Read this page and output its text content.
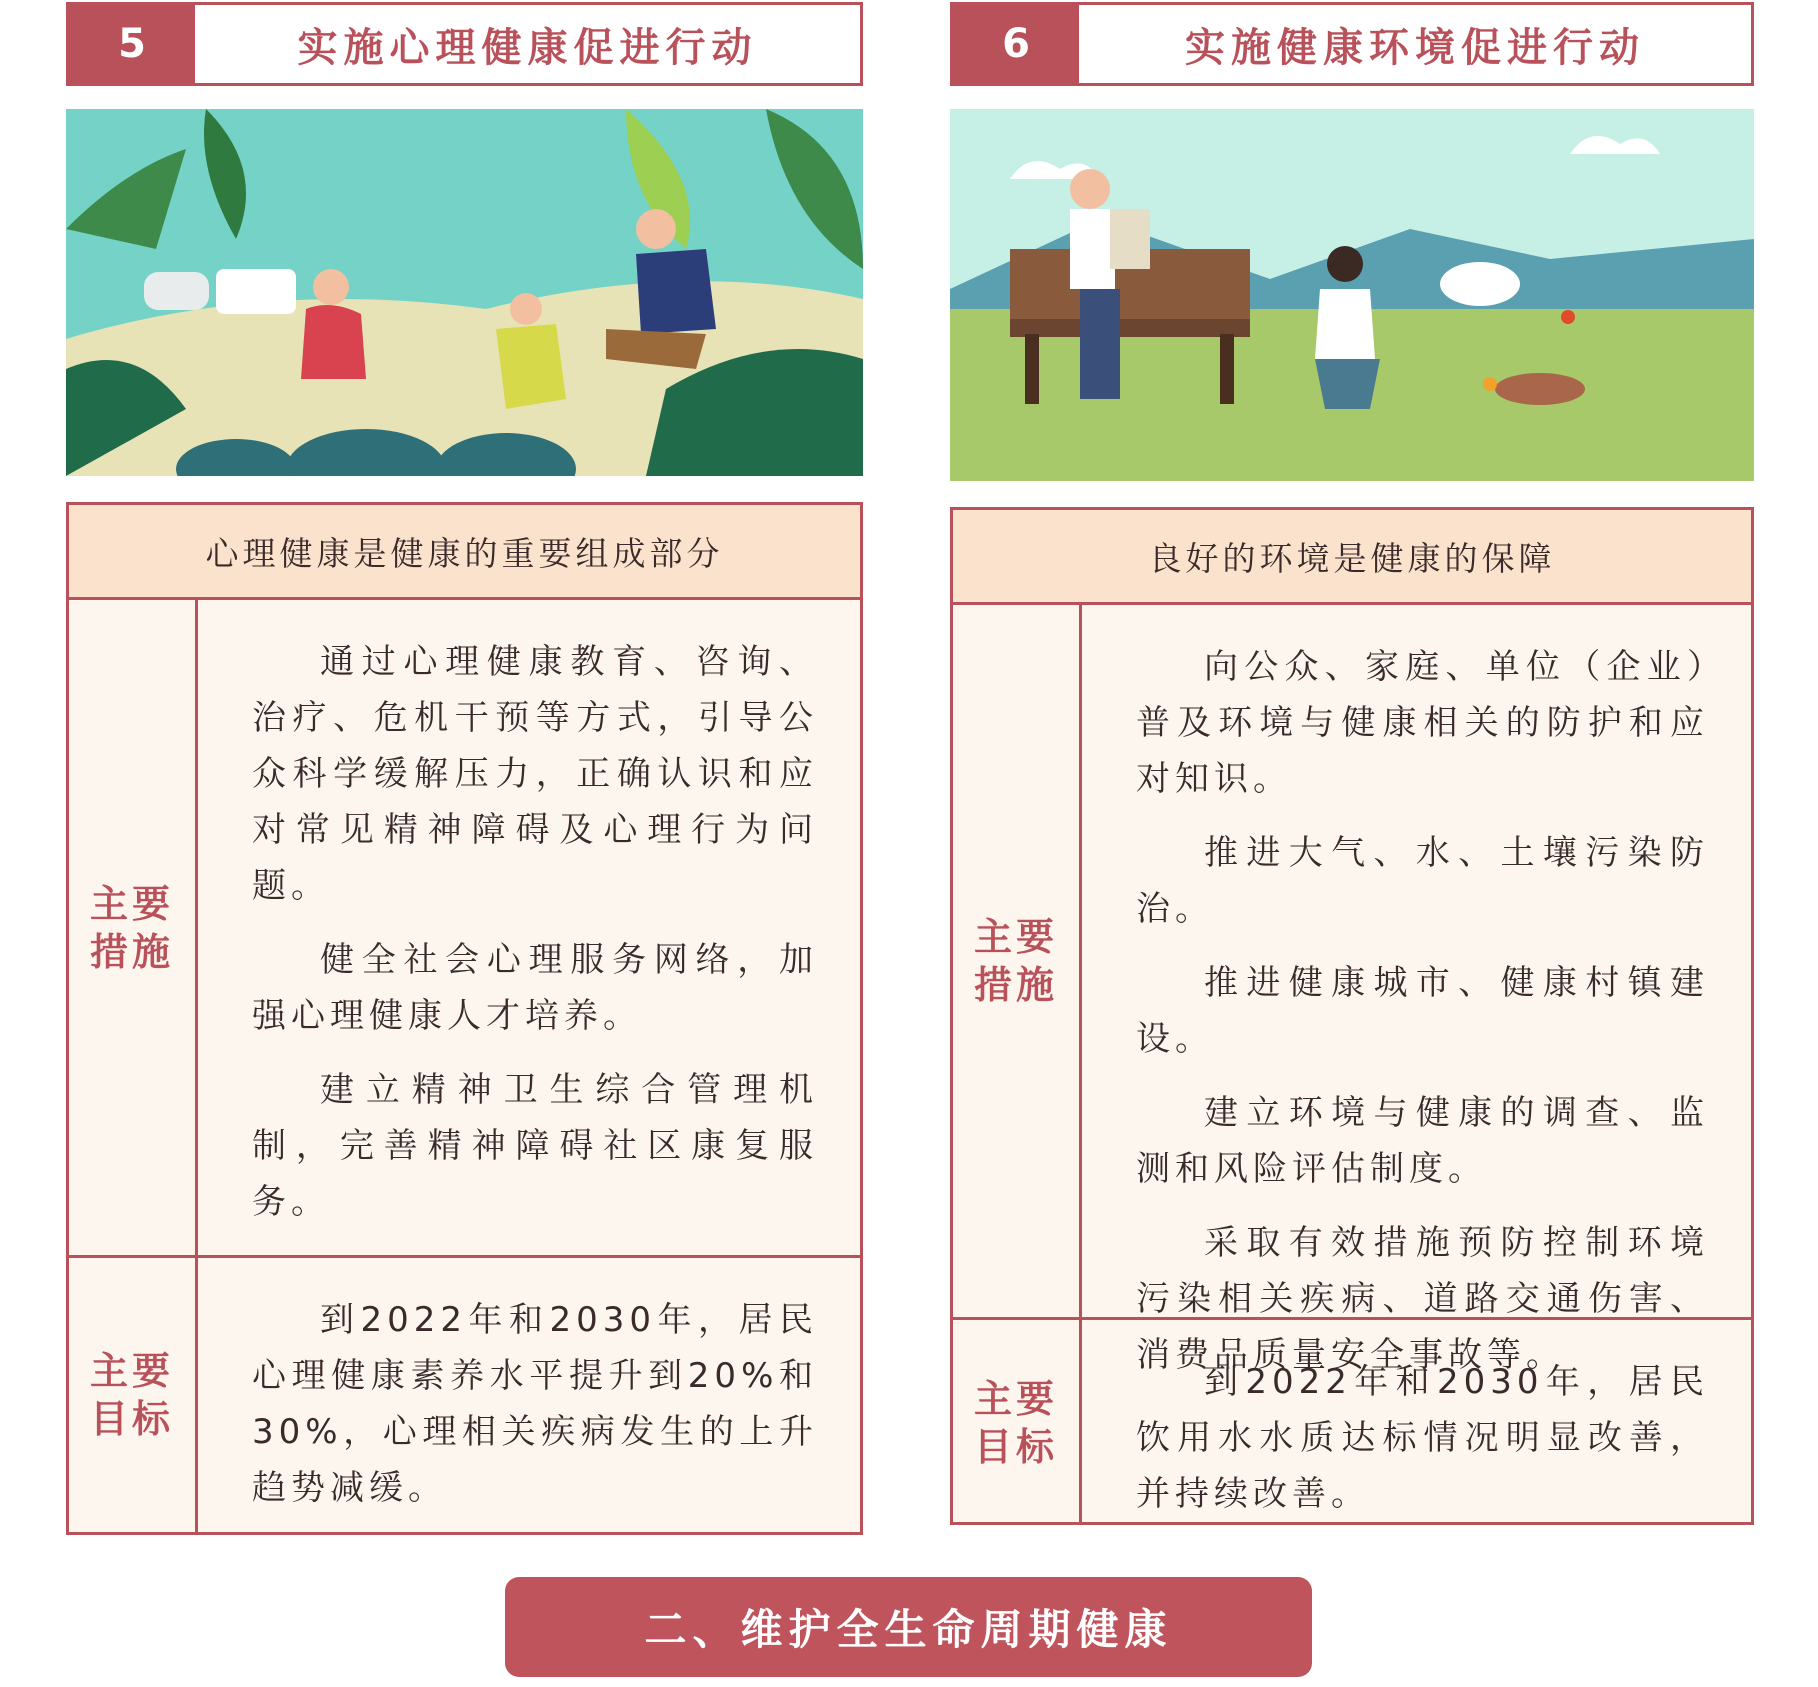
5	实施心理健康促进行动
心理健康是健康的重要组成部分
主要
措施

通过心理健康教育、咨询、治疗、危机干预等方式，引导公众科学缓解压力，正确认识和应对常见精神障碍及心理行为问题。

健全社会心理服务网络，加强心理健康人才培养。

建立精神卫生综合管理机制，完善精神障碍社区康复服务。

主要
目标

到2022年和2030年，居民心理健康素养水平提升到20%和30%，心理相关疾病发生的上升趋势减缓。

6	实施健康环境促进行动
良好的环境是健康的保障
主要
措施

向公众、家庭、单位（企业）普及环境与健康相关的防护和应对知识。

推进大气、水、土壤污染防治。

推进健康城市、健康村镇建设。

建立环境与健康的调查、监测和风险评估制度。

采取有效措施预防控制环境污染相关疾病、道路交通伤害、消费品质量安全事故等。

主要
目标

到2022年和2030年，居民饮用水水质达标情况明显改善，并持续改善。

二、维护全生命周期健康
